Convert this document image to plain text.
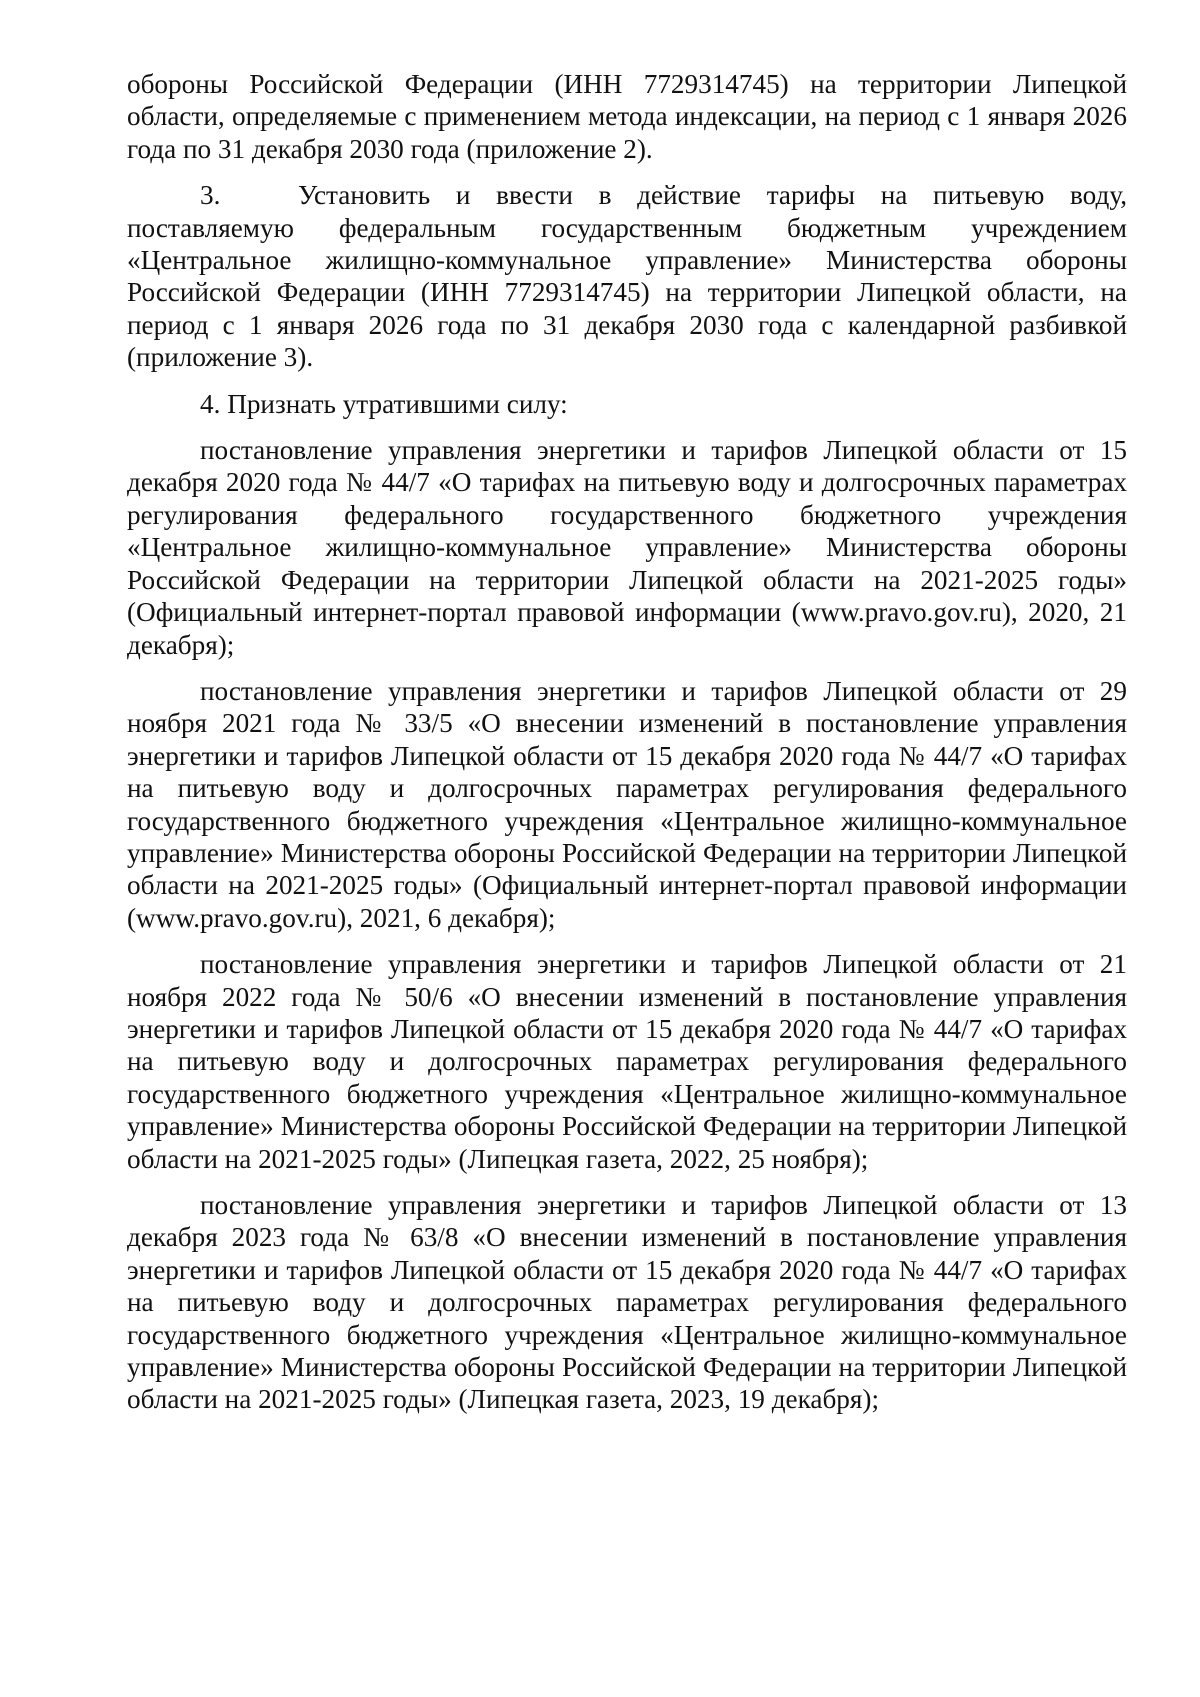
обороны Российской Федерации (ИНН 7729314745) на территории Липецкой области, определяемые с применением метода индексации, на период с 1 января 2026 года по 31 декабря 2030 года (приложение 2).

3.	Установить и ввести в действие тарифы на питьевую воду, поставляемую федеральным государственным бюджетным учреждением «Центральное жилищно-коммунальное управление» Министерства обороны Российской Федерации (ИНН 7729314745) на территории Липецкой области, на период с 1 января 2026 года по 31 декабря 2030 года с календарной разбивкой (приложение 3).

4. Признать утратившими силу:

постановление управления энергетики и тарифов Липецкой области от 15 декабря 2020 года № 44/7 «О тарифах на питьевую воду и долгосрочных параметрах регулирования федерального государственного бюджетного учреждения «Центральное жилищно-коммунальное управление» Министерства обороны Российской Федерации на территории Липецкой области на 2021-2025 годы» (Официальный интернет-портал правовой информации (www.pravo.gov.ru), 2020, 21 декабря);

постановление управления энергетики и тарифов Липецкой области от 29 ноября 2021 года № 33/5 «О внесении изменений в постановление управления энергетики и тарифов Липецкой области от 15 декабря 2020 года № 44/7 «О тарифах на питьевую воду и долгосрочных параметрах регулирования федерального государственного бюджетного учреждения «Центральное жилищно-коммунальное управление» Министерства обороны Российской Федерации на территории Липецкой области на 2021-2025 годы» (Официальный интернет-портал правовой информации (www.pravo.gov.ru), 2021, 6 декабря);

постановление управления энергетики и тарифов Липецкой области от 21 ноября 2022 года № 50/6 «О внесении изменений в постановление управления энергетики и тарифов Липецкой области от 15 декабря 2020 года № 44/7 «О тарифах на питьевую воду и долгосрочных параметрах регулирования федерального государственного бюджетного учреждения «Центральное жилищно-коммунальное управление» Министерства обороны Российской Федерации на территории Липецкой области на 2021-2025 годы» (Липецкая газета, 2022, 25 ноября);

постановление управления энергетики и тарифов Липецкой области от 13 декабря 2023 года № 63/8 «О внесении изменений в постановление управления энергетики и тарифов Липецкой области от 15 декабря 2020 года № 44/7 «О тарифах на питьевую воду и долгосрочных параметрах регулирования федерального государственного бюджетного учреждения «Центральное жилищно-коммунальное управление» Министерства обороны Российской Федерации на территории Липецкой области на 2021-2025 годы» (Липецкая газета, 2023, 19 декабря);
